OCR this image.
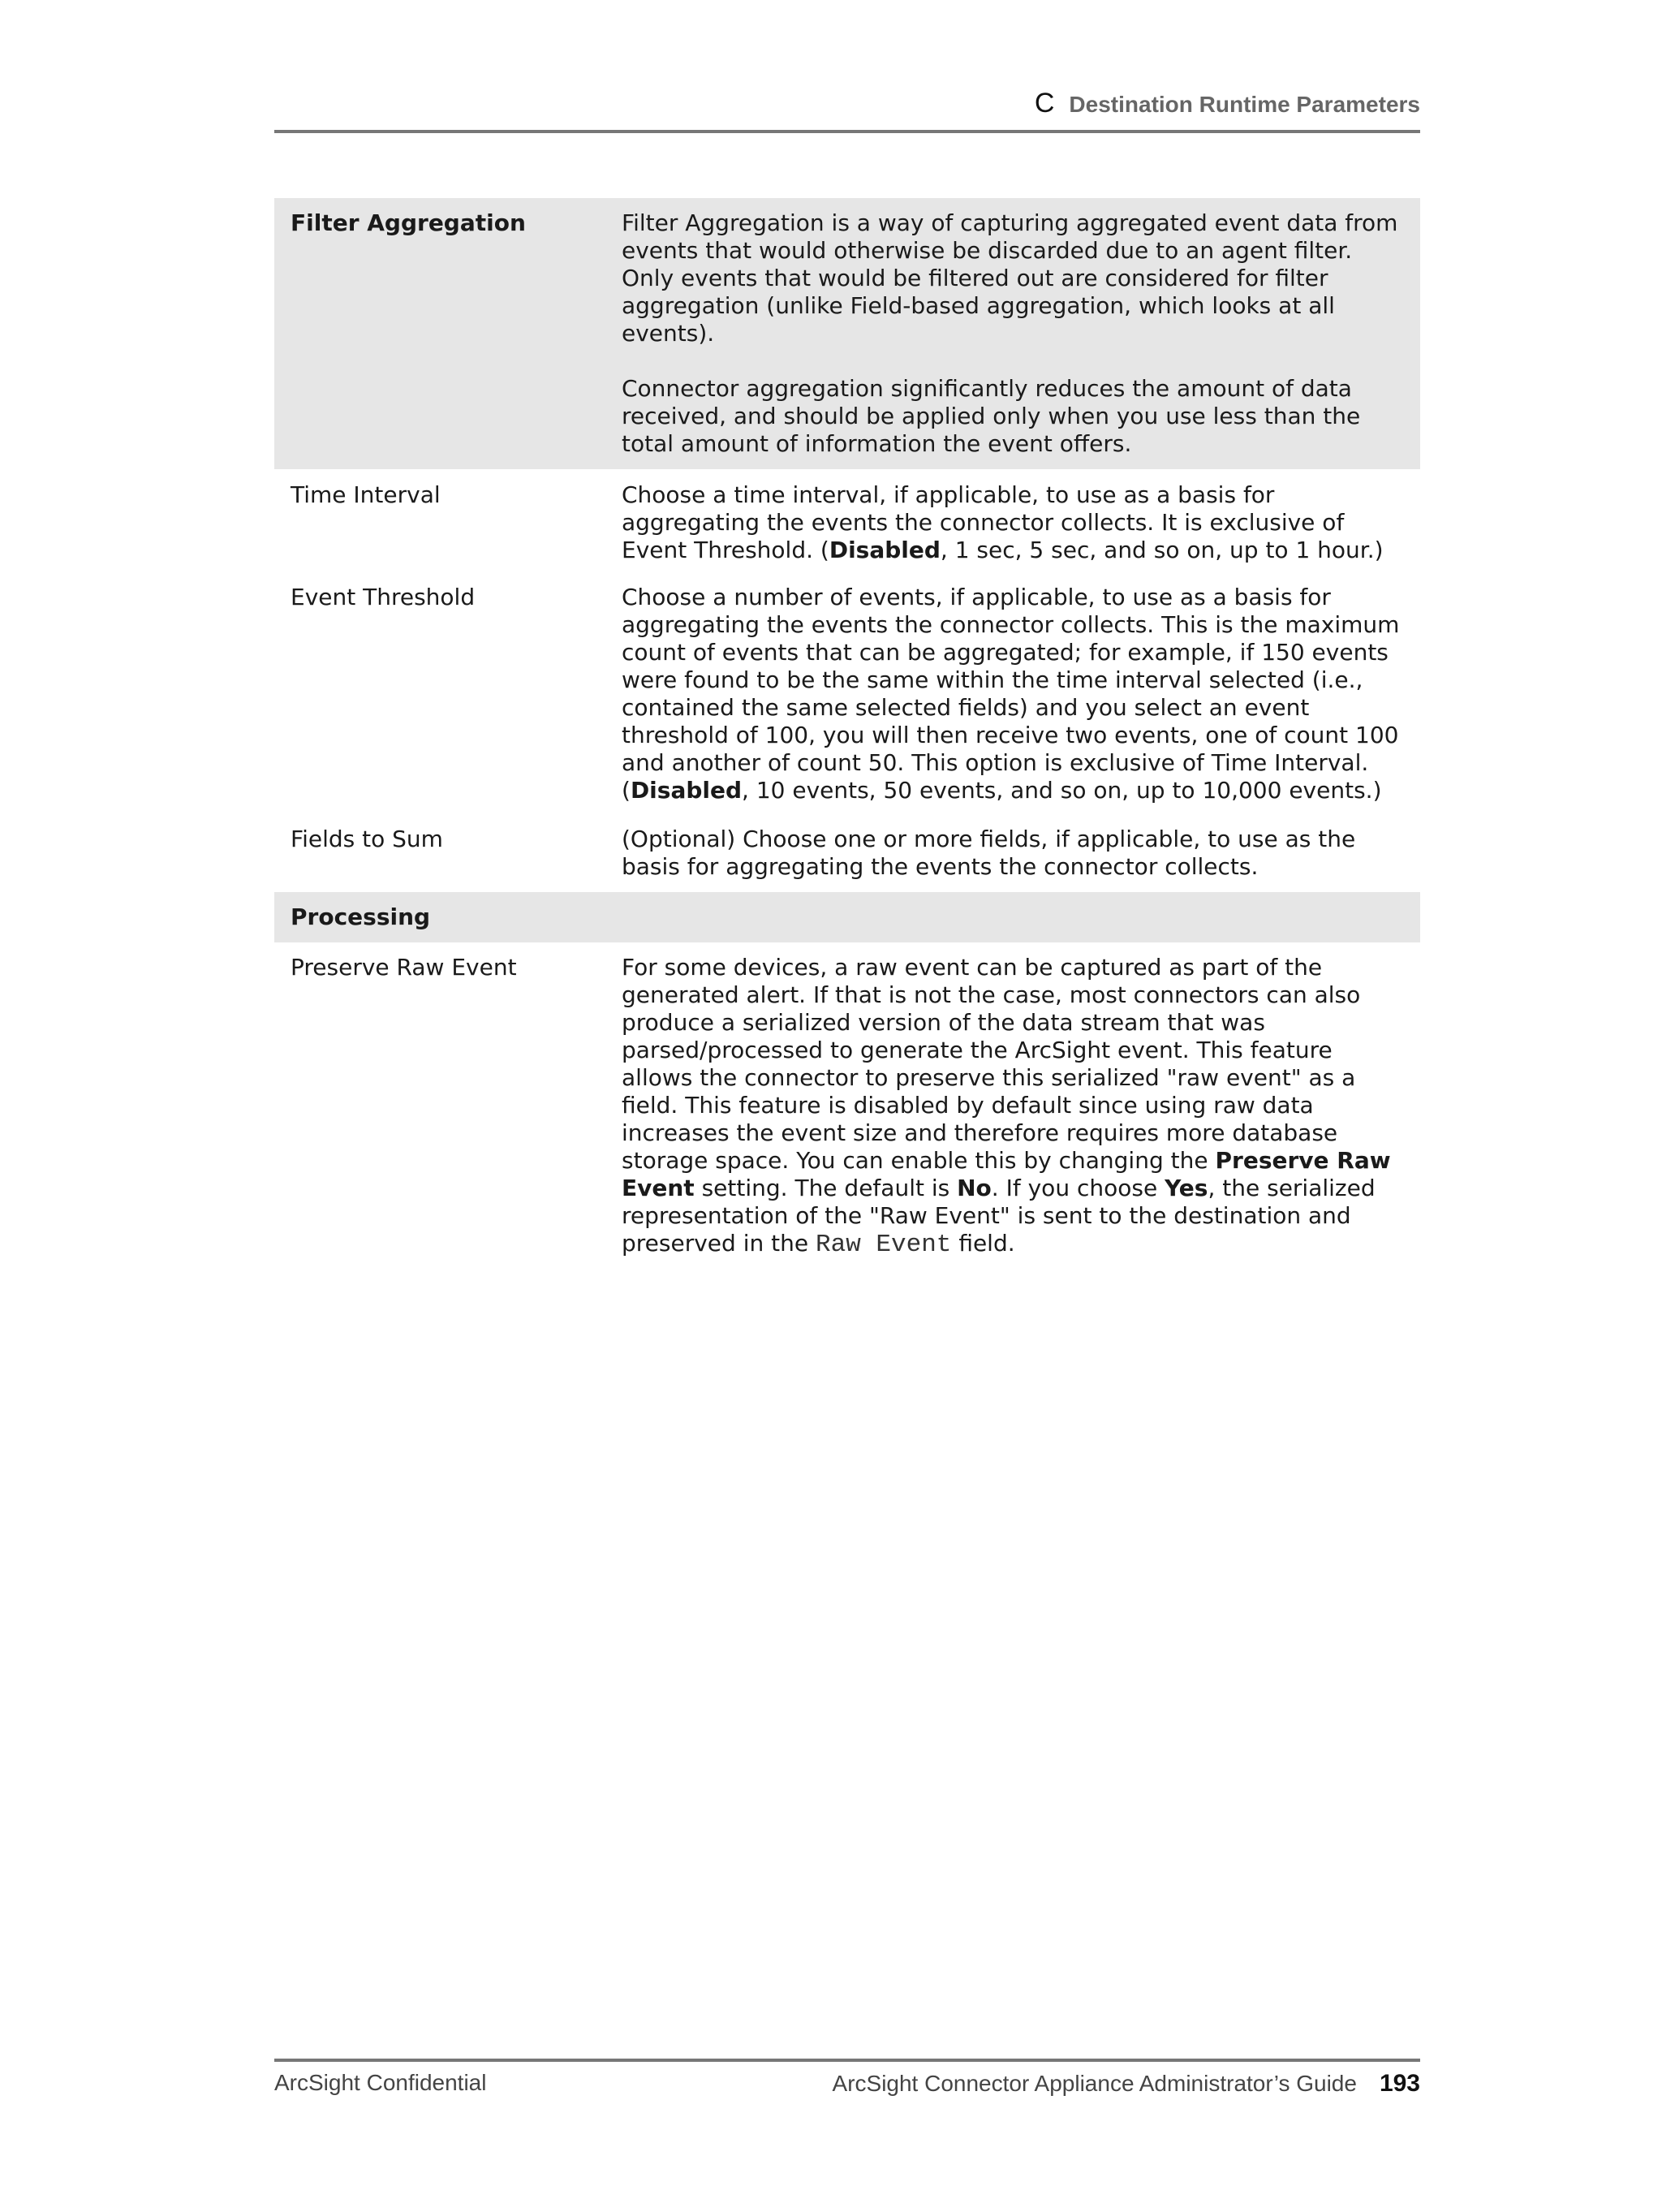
C Destination Runtime Parameters
Filter Aggregation	Filter Aggregation is a way of capturing aggregated event data from events that would otherwise be discarded due to an agent filter. Only events that would be filtered out are considered for filter aggregation (unlike Field-based aggregation, which looks at all events).

Connector aggregation significantly reduces the amount of data received, and should be applied only when you use less than the total amount of information the event offers.

Time Interval	Choose a time interval, if applicable, to use as a basis for aggregating the events the connector collects. It is exclusive of Event Threshold. (Disabled, 1 sec, 5 sec, and so on, up to 1 hour.)
Event Threshold	Choose a number of events, if applicable, to use as a basis for aggregating the events the connector collects. This is the maximum count of events that can be aggregated; for example, if 150 events were found to be the same within the time interval selected (i.e., contained the same selected fields) and you select an event threshold of 100, you will then receive two events, one of count 100 and another of count 50. This option is exclusive of Time Interval. (Disabled, 10 events, 50 events, and so on, up to 10,000 events.)
Fields to Sum	(Optional) Choose one or more fields, if applicable, to use as the basis for aggregating the events the connector collects.
Processing
Preserve Raw Event	For some devices, a raw event can be captured as part of the generated alert. If that is not the case, most connectors can also produce a serialized version of the data stream that was parsed/processed to generate the ArcSight event. This feature allows the connector to preserve this serialized "raw event" as a field. This feature is disabled by default since using raw data increases the event size and therefore requires more database storage space. You can enable this by changing the Preserve Raw Event setting. The default is No. If you choose Yes, the serialized representation of the "Raw Event" is sent to the destination and preserved in the Raw Event field.
ArcSight Confidential	ArcSight Connector Appliance Administrator’s Guide 193
